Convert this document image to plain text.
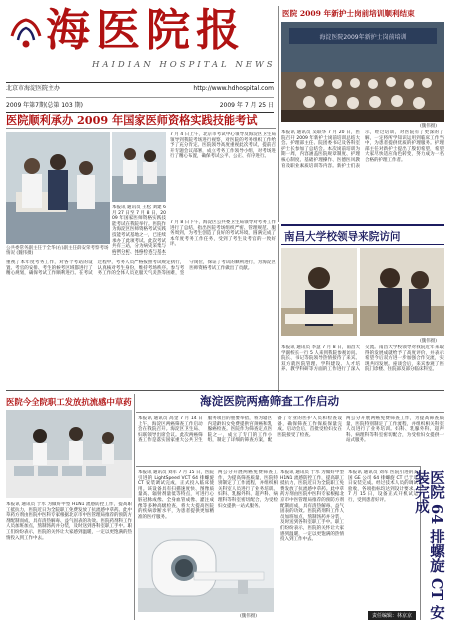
海医院报
HAIDIAN HOSPITAL NEWS
北京市海淀医院主办	http://www.hdhospital.com
2009 年第7期(总第 103 期)	2009 年 7 月 25 日
医院 2009 年新护士岗前培训顺利结束
海淀医院2009年新护士岗前培训
(魏伟摄)
本报讯 通讯员 吴联华 7 月 20 日，医院召开 2009 年新护士岗前培训总结大会。护理部主任、院团委书记及各科室护士长参加了总结会。本次岗前培训为期一周，内容涵盖医院规章制度、护理核心制度、基础护理操作、医德医风教育及职业素质培训等内容。新护士们表示，经过培训，对医院有了更深的了解，一定将所学知识运用到临床工作当中，为患者提供优质的护理服务。护理部主任对新护士提出了殷切希望，希望大家尽快适应角色转变，努力成为一名合格的护理工作者。
医院顺利承办 2009 年国家医师资格实践技能考试
公共委常务副主任于全华(右)副主任薛安荣考察考场情况 (魏伟摄)
7 月 4 日上午，北京市考试中心领导及海淀区卫生局领导到我院考场进行视察，对医院的考务组织工作给予了充分肯定。医院领导高度重视此次考试，提前召开专题会议部署，成立考务工作领导小组，对考场进行了精心布置，确保考试公平、公正、有序进行。
本报讯 通讯员 王松 刘建 6 月 27 日至 7 月 8 日，2009 年国家医师资格实践技能考试在我院举行。医院作为海淀区医师资格考试实践技能考试基地之一，已连续承办了此项考试。此次考试共有三站，分为病史采集与病例分析、体格检查与基本
7 月 8 日下午，海淀区公共委卫生局领导对考务工作进行了总结，指出医院考场组织严密、管理规范、服务周到，为考生创造了良好的考试环境，圆满完成了本年度考务工作任务，受到了考生及考官的一致好评。
重视了本年度考务工作，对各个考站的设置、考官的安排、考生的候考区域都进行了精心规划，确保考试工作顺利进行。在考试过程中，考务人员严格按照考试规定执行，认真核对考生身份，维持考场秩序。参与考务工作的全体人员克服天气炎热等困难，坚守岗位，保证了考试的顺利进行，为海淀区医师资格考试工作做出了贡献。
南昌大学校领导来院访问
(魏伟摄)
本报讯 通讯员 李慧 7 月 8 日，南昌大学副校长一行 5 人来到我院参观访问。院长、书记等院领导热情接待了来宾。双方就医院管理、学科建设、人才培养、教学科研等方面的工作进行了深入交流。南昌大学校领导对我院近年来取得的发展成就给予了高度评价，并表示希望今后双方进一步加强合作交流，实现共同发展。座谈会后，来宾参观了医院门诊楼、住院部及部分临床科室。
海淀医院两癌筛查工作启动
医院今全院职工发放抗流感中草药
本报讯 通讯员 于水 为做好甲型 H1N1 流感防控工作，提高职工抵抗力，医院近日为全院职工免费发放了抗流感中草药。此中草药方剂由医院中医科专家根据北京市中医管理局推荐的预防方剂配制而成，具有清热解毒、益气固表的功效。医院药剂科工作人员加班加点，熬制汤药并分装，及时送到各科室职工手中。职工们纷纷表示，医院的关怀让大家感到温暖，一定以更饱满的热情投入到工作中去。
本报讯 通讯员 高金 7 月 14 日上午，海淀区两癌筛查工作启动会在我院召开。海淀区卫生局、妇联领导出席会议。此次两癌筛查工作是落实国家重大公共卫生服务项目的重要举措，将为辖区内适龄妇女免费提供宫颈癌和乳腺癌检查。医院作为筛查定点医院之一，成立了专门的工作小组，制定了详细的筛查方案，配备了专业的医护人员和检查设备，确保筛查工作保质保量完成。启动会后，首批受检妇女在医院接受了检查。
两公分开展两癌免费筛查工作，为提高筛查质量，医院特别制定了工作流程，并组织相关科室人员进行了业务培训。妇科、乳腺外科、超声科、病理科等科室密切配合，为受检妇女提供一站式服务。
本报讯 通讯员 刘军 7 月 15 日，医院引进的 LightSpeed VCT 64 排螺旋 CT 安装调试完成，正式投入临床使用。该设备具有扫描速度快、图像质量高、辐射剂量低等特点，可进行心脏冠脉成像、全身血管成像、灌注成像等多种高级检查，将大大提高医院的疾病诊断水平，为患者提供更加精准的医疗服务。
(魏伟摄)
两公分开展两癌免费筛查工作，为提高筛查质量，医院特别制定了工作流程，并组织相关科室人员进行了业务培训。妇科、乳腺外科、超声科、病理科等科室密切配合，为受检妇女提供一站式服务。
本报讯 通讯员 于水 为做好甲型 H1N1 流感防控工作，提高职工抵抗力，医院近日为全院职工免费发放了抗流感中草药。此中草药方剂由医院中医科专家根据北京市中医管理局推荐的预防方剂配制而成，具有清热解毒、益气固表的功效。医院药剂科工作人员加班加点，熬制汤药并分装，及时送到各科室职工手中。职工们纷纷表示，医院的关怀让大家感到温暖，一定以更饱满的热情投入到工作中去。
本报讯 通讯员 刘军 医院引进的美国 GE 公司 64 排螺旋 CT 已于近日安装完成。经过技术人员的调试验收，各项指标均达到设计要求。7 月 15 日，设备正式开机试运行，受到患者好评。	医院 64 排螺旋 CT 安装完成
责任编辑：林京京
